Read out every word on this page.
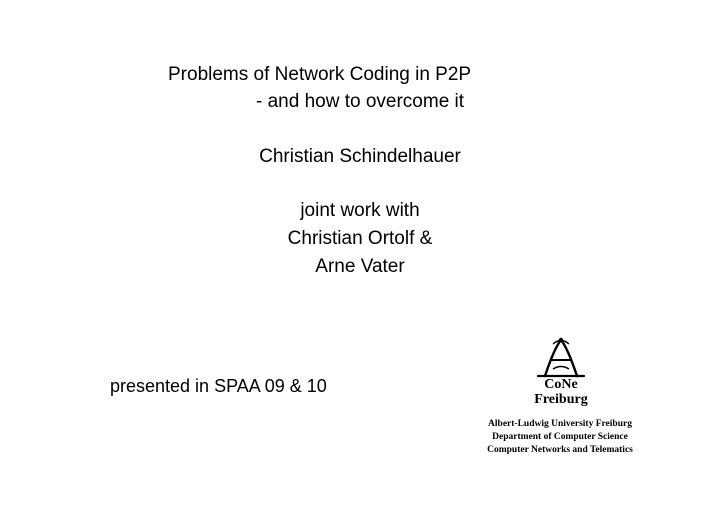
Problems of Network Coding in P2P
- and how to overcome it
Christian Schindelhauer
joint work with
Christian Ortolf &
Arne Vater
presented in SPAA 09 & 10	CoNe
Freiburg
Albert-Ludwig University Freiburg
Department of Computer Science
Computer Networks and Telematics
